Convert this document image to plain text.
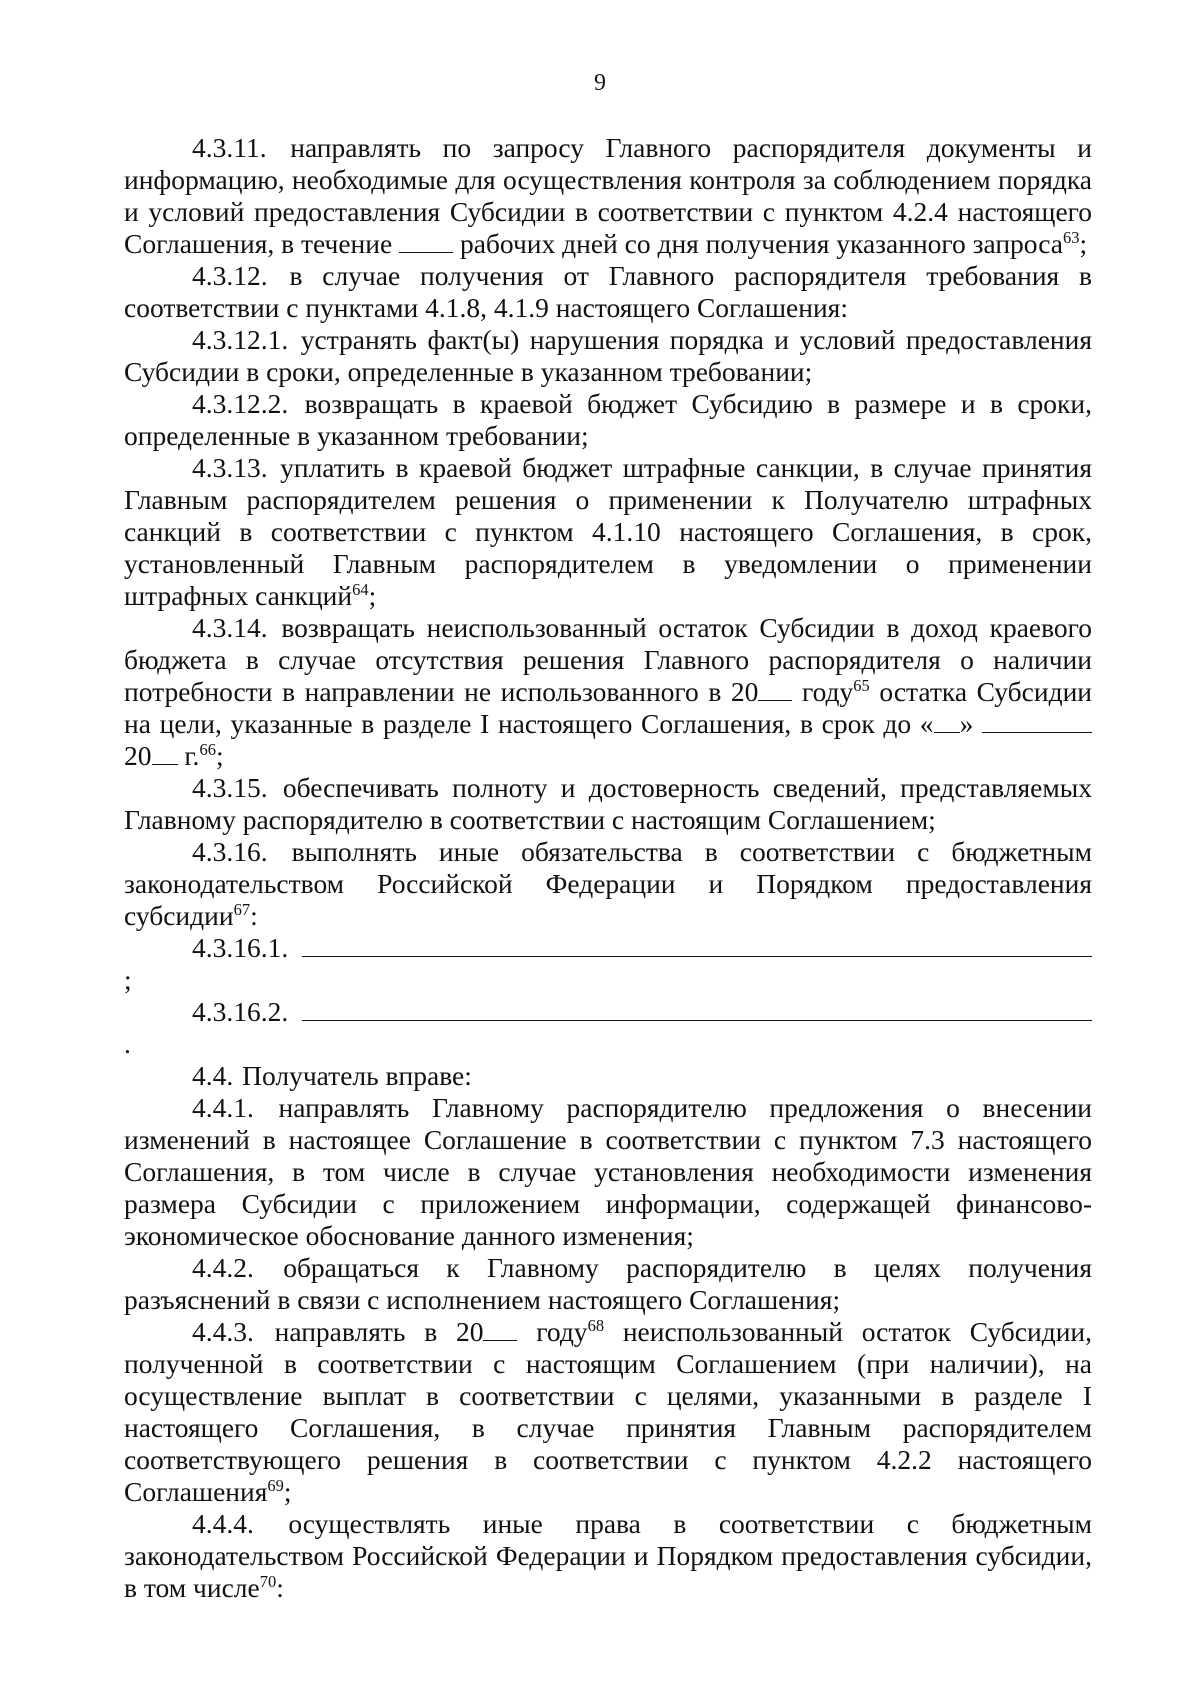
9

4.3.11. направлять по запросу Главного распорядителя документы и информацию, необходимые для осуществления контроля за соблюдением порядка и условий предоставления Субсидии в соответствии с пунктом 4.2.4 настоящего Соглашения, в течение рабочих дней со дня получения указанного запроса$^{63}$;

4.3.12. в случае получения от Главного распорядителя требования в соответствии с пунктами 4.1.8, 4.1.9 настоящего Соглашения:

4.3.12.1. устранять факт(ы) нарушения порядка и условий предоставления Субсидии в сроки, определенные в указанном требовании;

4.3.12.2. возвращать в краевой бюджет Субсидию в размере и в сроки, определенные в указанном требовании;

4.3.13. уплатить в краевой бюджет штрафные санкции, в случае принятия Главным распорядителем решения о применении к Получателю штрафных санкций в соответствии с пунктом 4.1.10 настоящего Соглашения, в срок, установленный Главным распорядителем в уведомлении о применении штрафных санкций$^{64}$;

4.3.14. возвращать неиспользованный остаток Субсидии в доход краевого бюджета в случае отсутствия решения Главного распорядителя о наличии потребности в направлении не использованного в 20 году$^{65}$ остатка Субсидии на цели, указанные в разделе I настоящего Соглашения, в срок до « »  20 г.$^{66}$;

4.3.15. обеспечивать полноту и достоверность сведений, представляемых Главному распорядителю в соответствии с настоящим Соглашением;

4.3.16. выполнять иные обязательства в соответствии с бюджетным законодательством Российской Федерации и Порядком предоставления субсидии$^{67}$:

4.3.16.1. ;

4.3.16.2. .

4.4. Получатель вправе:

4.4.1. направлять Главному распорядителю предложения о внесении изменений в настоящее Соглашение в соответствии с пунктом 7.3 настоящего Соглашения, в том числе в случае установления необходимости изменения размера Субсидии с приложением информации, содержащей финансово-экономическое обоснование данного изменения;

4.4.2. обращаться к Главному распорядителю в целях получения разъяснений в связи с исполнением настоящего Соглашения;

4.4.3. направлять в 20 году$^{68}$ неиспользованный остаток Субсидии, полученной в соответствии с настоящим Соглашением (при наличии), на осуществление выплат в соответствии с целями, указанными в разделе I настоящего Соглашения, в случае принятия Главным распорядителем соответствующего решения в соответствии с пунктом 4.2.2 настоящего Соглашения$^{69}$;

4.4.4. осуществлять иные права в соответствии с бюджетным законодательством Российской Федерации и Порядком предоставления субсидии, в том числе$^{70}$:
